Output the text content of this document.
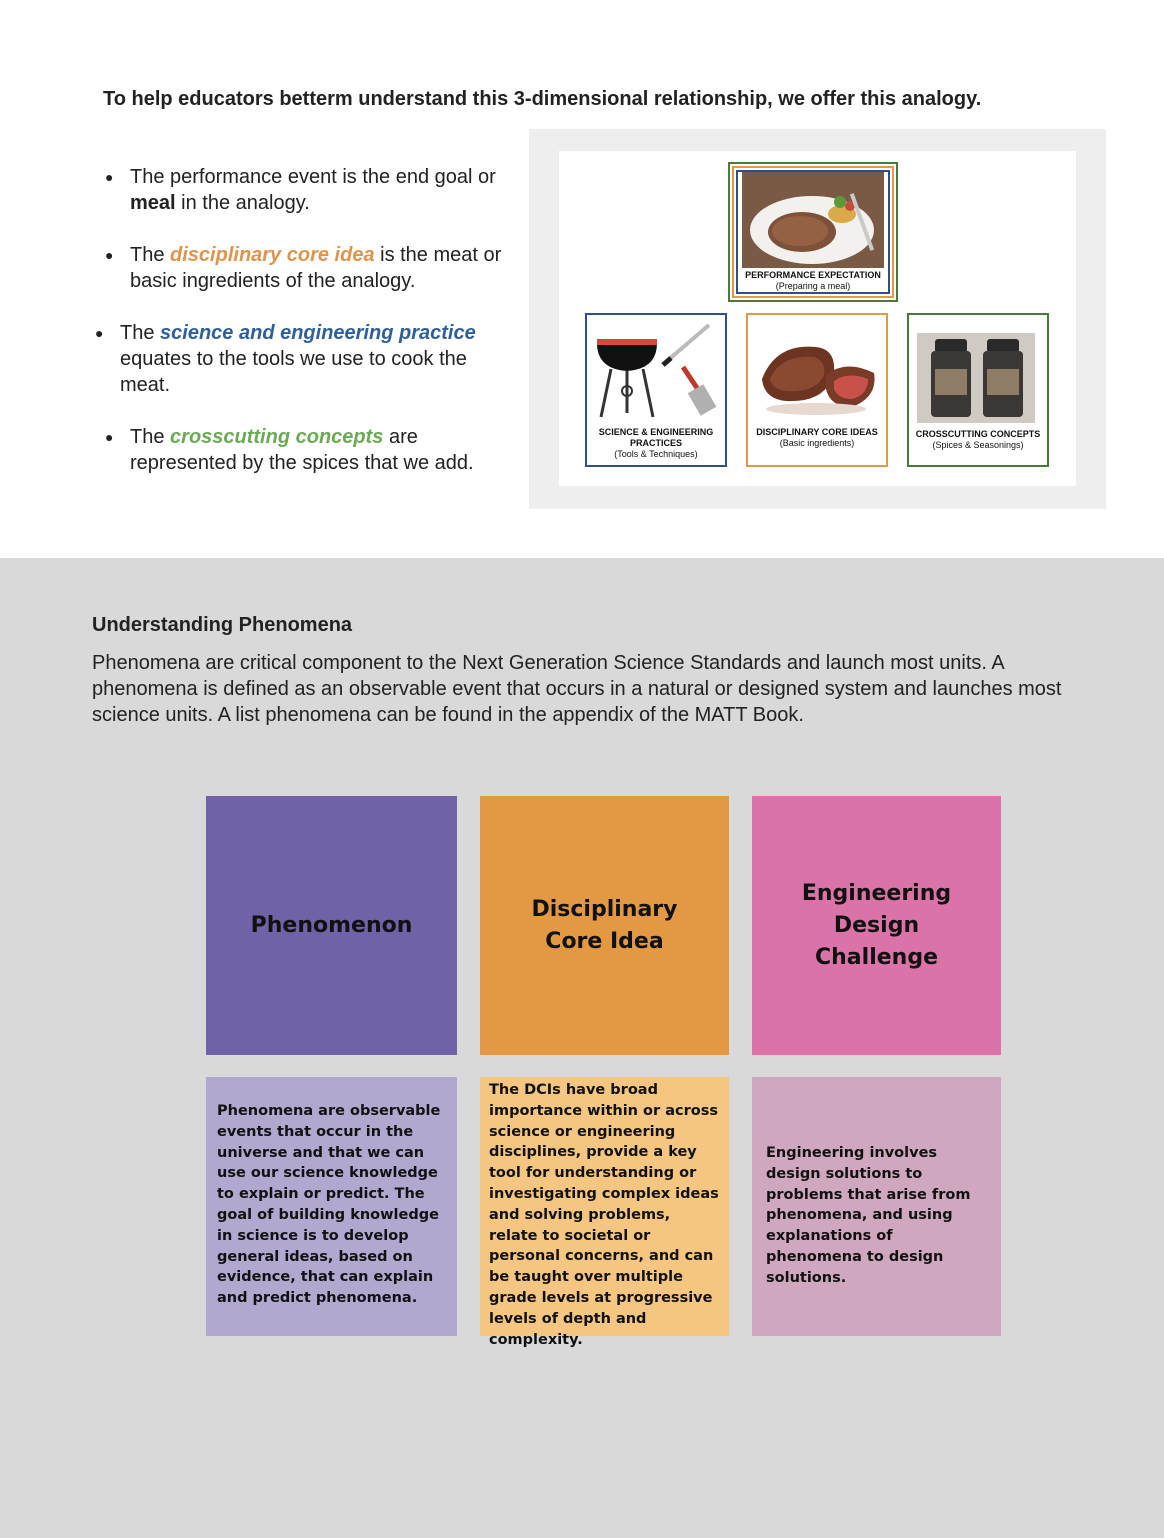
To help educators betterm understand this 3-dimensional relationship, we offer this analogy.
● The performance event is the end goal or meal in the analogy.
● The disciplinary core idea is the meat or basic ingredients of the analogy.
● The science and engineering practice equates to the tools we use to cook the meat.
● The crosscutting concepts are represented by the spices that we add.
PERFORMANCE EXPECTATION
(Preparing a meal)
SCIENCE & ENGINEERING PRACTICES
(Tools & Techniques)
DISCIPLINARY CORE IDEAS
(Basic ingredients)
CROSSCUTTING CONCEPTS
(Spices & Seasonings)
Understanding Phenomena
Phenomena are critical component to the Next Generation Science Standards and launch most units. A phenomena is defined as an observable event that occurs in a natural or designed system and launches most science units. A list phenomena can be found in the appendix of the MATT Book.
Phenomenon
Disciplinary Core Idea
Engineering Design Challenge
Phenomena are observable events that occur in the universe and that we can use our science knowledge to explain or predict. The goal of building knowledge in science is to develop general ideas, based on evidence, that can explain and predict phenomena.
The DCIs have broad importance within or across science or engineering disciplines, provide a key tool for understanding or investigating complex ideas and solving problems, relate to societal or personal concerns, and can be taught over multiple grade levels at progressive levels of depth and complexity.
Engineering involves design solutions to problems that arise from phenomena, and using explanations of phenomena to design solutions.
